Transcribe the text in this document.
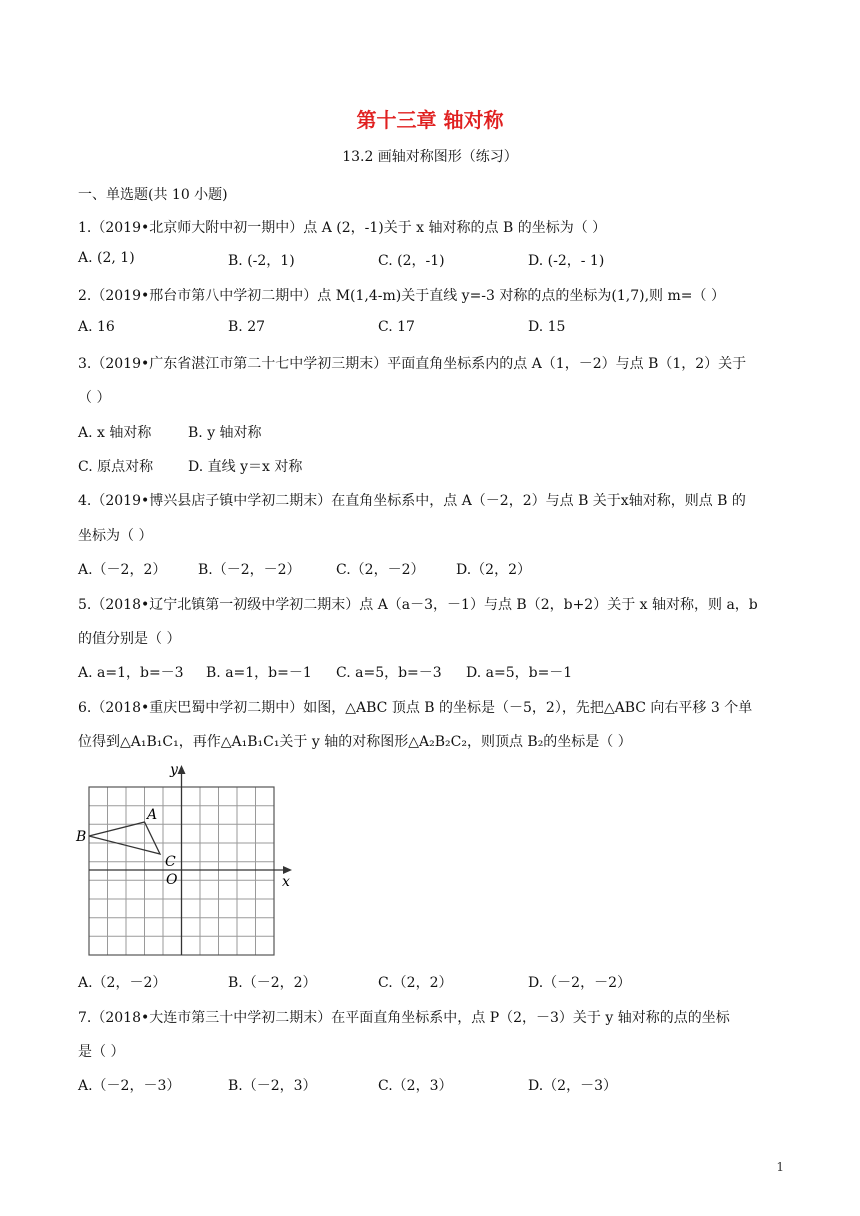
第十三章 轴对称
13.2 画轴对称图形（练习）
一、单选题(共 10 小题)
1.（2019•北京师大附中初一期中）点 A (2，-1)关于 x 轴对称的点 B 的坐标为（ ）
A. (2, 1)	B. (-2，1)	C. (2，-1)	D. (-2，- 1)
2.（2019•邢台市第八中学初二期中）点 M(1,4-m)关于直线 y=-3 对称的点的坐标为(1,7),则 m=（ ）
A. 16	B. 27	C. 17	D. 15
3.（2019•广东省湛江市第二十七中学初三期末）平面直角坐标系内的点 A（1，－2）与点 B（1，2）关于
（ ）
A. x 轴对称	B. y 轴对称
C. 原点对称 D. 直线 y＝x 对称
4.（2019•博兴县店子镇中学初二期末）在直角坐标系中，点 A（－2，2）与点 B 关于x轴对称，则点 B 的
坐标为（ ）
A.（－2，2） B.（－2，－2）	C.（2，－2） D.（2，2）
5.（2018•辽宁北镇第一初级中学初二期末）点 A（a－3，－1）与点 B（2，b+2）关于 x 轴对称，则 a，b
的值分别是（ ）
A. a=1，b=－3 B. a=1，b=－1 C. a=5，b=－3 D. a=5，b=－1
6.（2018•重庆巴蜀中学初二期中）如图，△ABC 顶点 B 的坐标是（－5，2），先把△ABC 向右平移 3 个单
位得到△A₁B₁C₁，再作△A₁B₁C₁关于 y 轴的对称图形△A₂B₂C₂，则顶点 B₂的坐标是（ ）
y
x
O
A
B
C
A.（2，－2）	B.（－2，2）	C.（2，2）	D.（－2，－2）
7.（2018•大连市第三十中学初二期末）在平面直角坐标系中，点 P（2，－3）关于 y 轴对称的点的坐标
是（ ）
A.（－2，－3）	B.（－2，3）	C.（2，3）	D.（2，－3）
1
